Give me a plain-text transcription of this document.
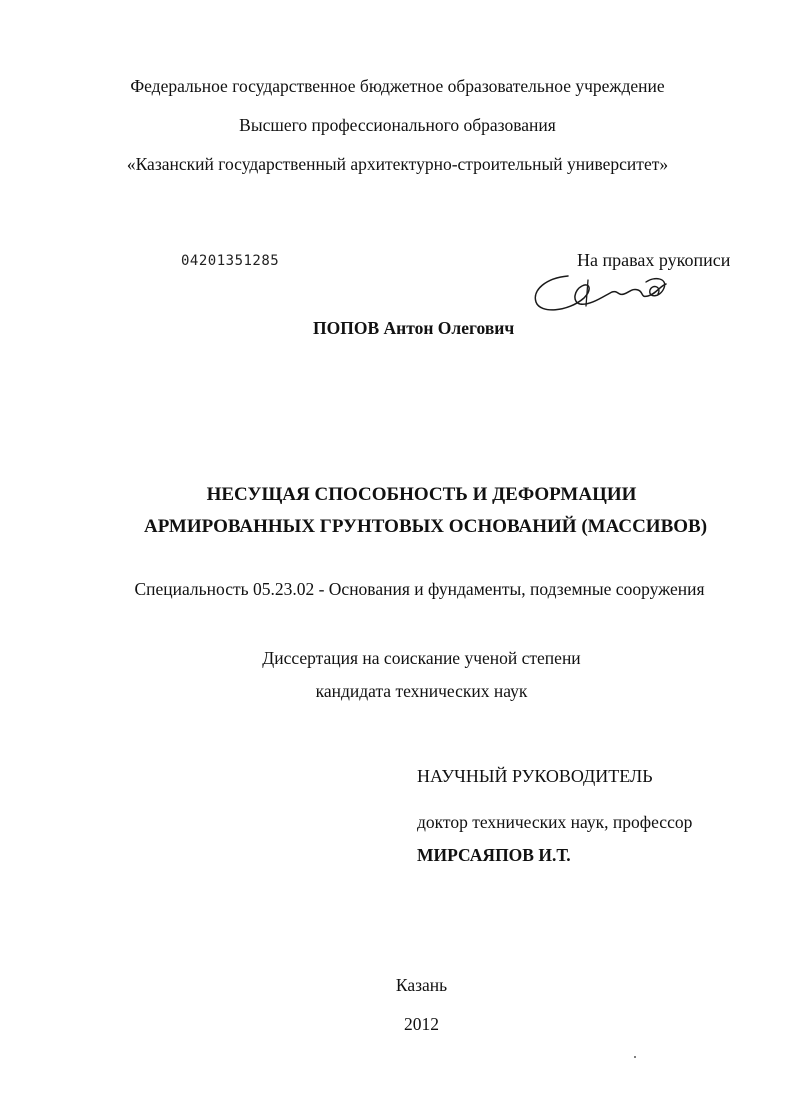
Федеральное государственное бюджетное образовательное учреждение
Высшего профессионального образования
«Казанский государственный архитектурно-строительный университет»
04201351285	На правах рукописи
ПОПОВ Антон Олегович
НЕСУЩАЯ СПОСОБНОСТЬ И ДЕФОРМАЦИИ
АРМИРОВАННЫХ ГРУНТОВЫХ ОСНОВАНИЙ (МАССИВОВ)
Специальность 05.23.02 - Основания и фундаменты, подземные сооружения
Диссертация на соискание ученой степени
кандидата технических наук
НАУЧНЫЙ РУКОВОДИТЕЛЬ
доктор технических наук, профессор
МИРСАЯПОВ И.Т.
Казань
2012
